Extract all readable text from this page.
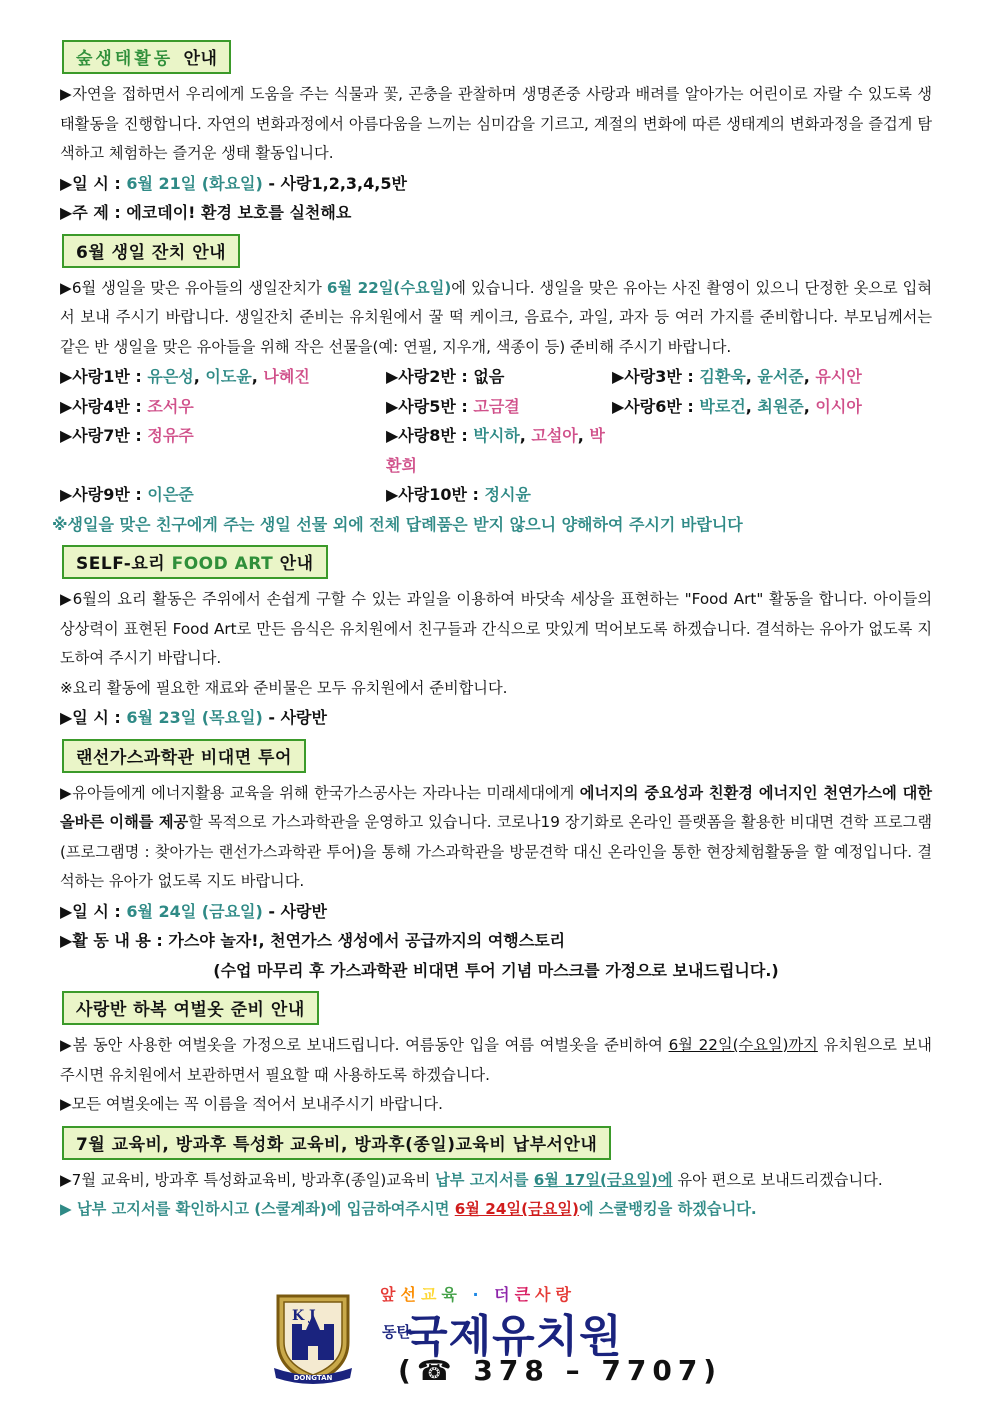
숲생태활동 안내
▶자연을 접하면서 우리에게 도움을 주는 식물과 꽃, 곤충을 관찰하며 생명존중 사랑과 배려를 알아가는 어린이로 자랄 수 있도록 생태활동을 진행합니다. 자연의 변화과정에서 아름다움을 느끼는 심미감을 기르고, 계절의 변화에 따른 생태계의 변화과정을 즐겁게 탐색하고 체험하는 즐거운 생태 활동입니다.
▶일 시 : 6월 21일 (화요일) - 사랑1,2,3,4,5반
▶주 제 : 에코데이! 환경 보호를 실천해요
6월 생일 잔치 안내
▶6월 생일을 맞은 유아들의 생일잔치가 6월 22일(수요일)에 있습니다. 생일을 맞은 유아는 사진 촬영이 있으니 단정한 옷으로 입혀서 보내 주시기 바랍니다. 생일잔치 준비는 유치원에서 꿀 떡 케이크, 음료수, 과일, 과자 등 여러 가지를 준비합니다. 부모님께서는 같은 반 생일을 맞은 유아들을 위해 작은 선물을(예: 연필, 지우개, 색종이 등) 준비해 주시기 바랍니다.
▶사랑1반 : 유은성, 이도윤, 나혜진	▶사랑2반 : 없음	▶사랑3반 : 김환욱, 윤서준, 유시안
▶사랑4반 : 조서우	▶사랑5반 : 고금결	▶사랑6반 : 박로건, 최원준, 이시아
▶사랑7반 : 정유주	▶사랑8반 : 박시하, 고설아, 박환희
▶사랑9반 : 이은준	▶사랑10반 : 정시윤
※생일을 맞은 친구에게 주는 생일 선물 외에 전체 답례품은 받지 않으니 양해하여 주시기 바랍니다
SELF-요리 FOOD ART 안내
▶6월의 요리 활동은 주위에서 손쉽게 구할 수 있는 과일을 이용하여 바닷속 세상을 표현하는 "Food Art" 활동을 합니다. 아이들의 상상력이 표현된 Food Art로 만든 음식은 유치원에서 친구들과 간식으로 맛있게 먹어보도록 하겠습니다. 결석하는 유아가 없도록 지도하여 주시기 바랍니다.
※요리 활동에 필요한 재료와 준비물은 모두 유치원에서 준비합니다.
▶일 시 : 6월 23일 (목요일) - 사랑반
랜선가스과학관 비대면 투어
▶유아들에게 에너지활용 교육을 위해 한국가스공사는 자라나는 미래세대에게 에너지의 중요성과 친환경 에너지인 천연가스에 대한 올바른 이해를 제공할 목적으로 가스과학관을 운영하고 있습니다. 코로나19 장기화로 온라인 플랫폼을 활용한 비대면 견학 프로그램(프로그램명 : 찾아가는 랜선가스과학관 투어)을 통해 가스과학관을 방문견학 대신 온라인을 통한 현장체험활동을 할 예정입니다. 결석하는 유아가 없도록 지도 바랍니다.
▶일 시 : 6월 24일 (금요일) - 사랑반
▶활 동 내 용 : 가스야 놀자!, 천연가스 생성에서 공급까지의 여행스토리
(수업 마무리 후 가스과학관 비대면 투어 기념 마스크를 가정으로 보내드립니다.)
사랑반 하복 여벌옷 준비 안내
▶봄 동안 사용한 여벌옷을 가정으로 보내드립니다. 여름동안 입을 여름 여벌옷을 준비하여 6월 22일(수요일)까지 유치원으로 보내주시면 유치원에서 보관하면서 필요할 때 사용하도록 하겠습니다.
▶모든 여벌옷에는 꼭 이름을 적어서 보내주시기 바랍니다.
7월 교육비, 방과후 특성화 교육비, 방과후(종일)교육비 납부서안내
▶7월 교육비, 방과후 특성화교육비, 방과후(종일)교육비 납부 고지서를 6월 17일(금요일)에 유아 편으로 보내드리겠습니다.
▶ 납부 고지서를 확인하시고 (스쿨계좌)에 입금하여주시면 6월 24일(금요일)에 스쿨뱅킹을 하겠습니다.
K J
DONGTAN
앞선교육 · 더큰사랑
동탄 국제유치원
(☎ 378 – 7707)
